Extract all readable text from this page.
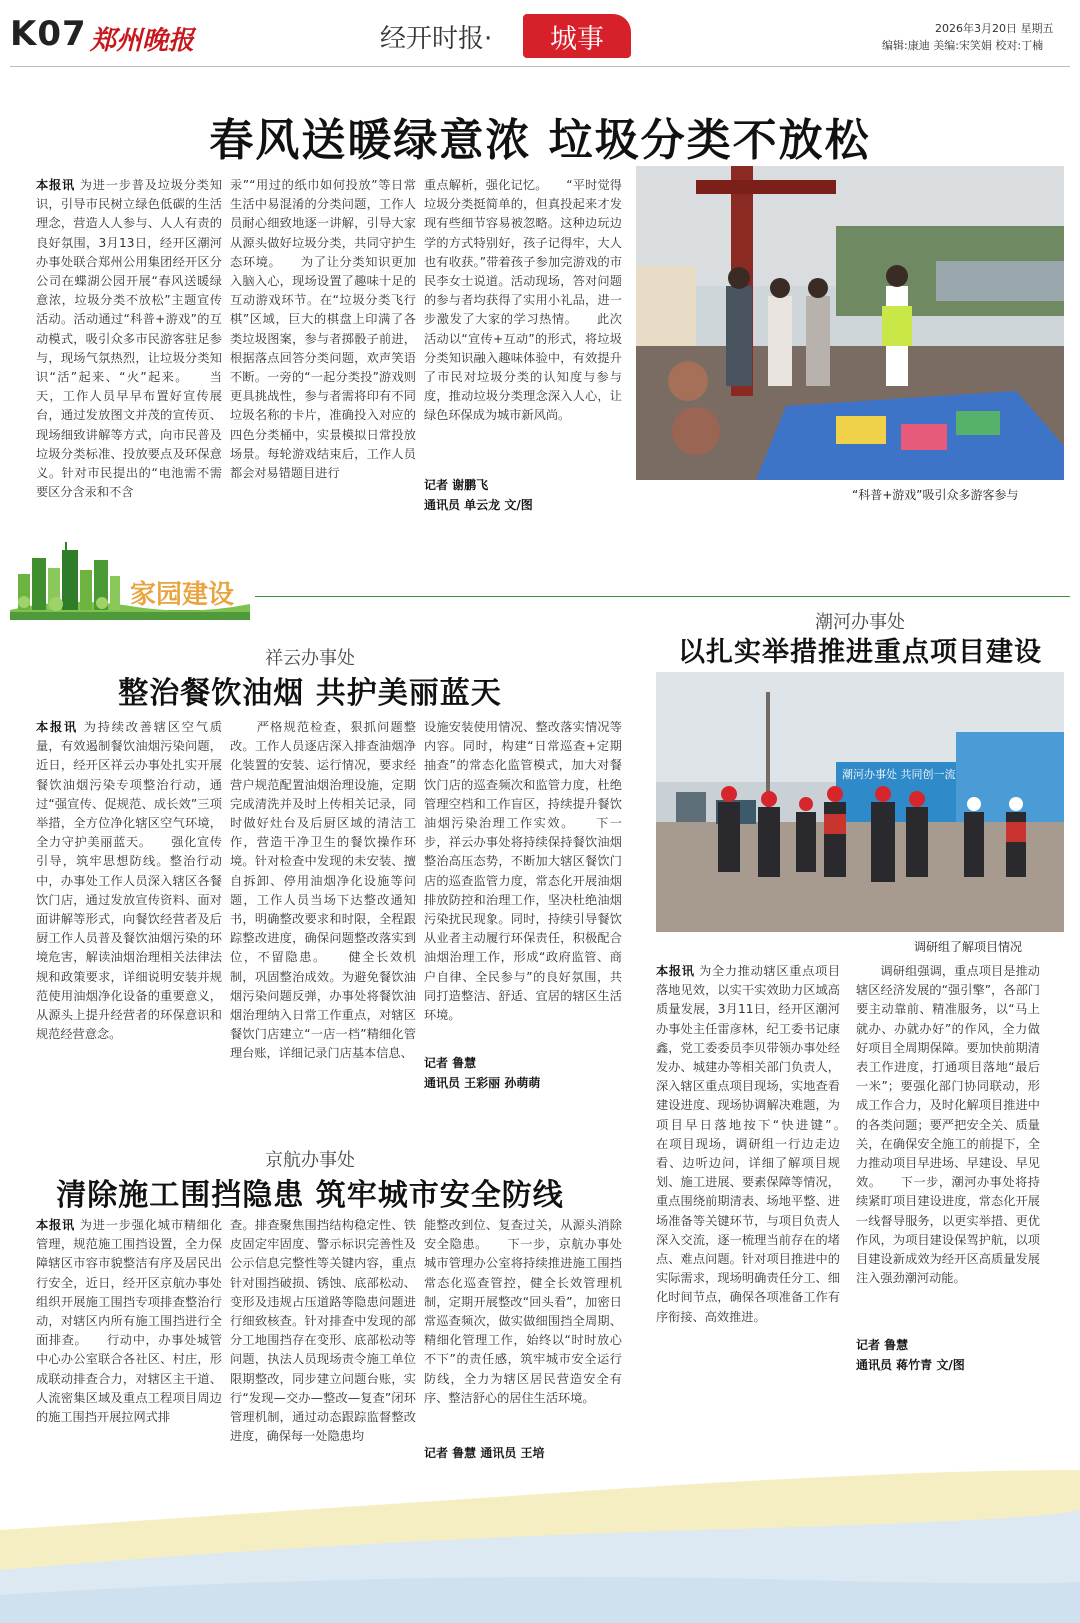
K07 郑州晚报	经开时报·	城事	2026年3月20日 星期五
编辑:康迪 美编:宋笑娟 校对:丁楠
春风送暖绿意浓 垃圾分类不放松
本报讯 为进一步普及垃圾分类知识，引导市民树立绿色低碳的生活理念，营造人人参与、人人有责的良好氛围，3月13日，经开区潮河办事处联合郑州公用集团经开区分公司在蝶湖公园开展“春风送暖绿意浓，垃圾分类不放松”主题宣传活动。活动通过“科普+游戏”的互动模式，吸引众多市民游客驻足参与，现场气氛热烈，让垃圾分类知识“活”起来、“火”起来。　　当天，工作人员早早布置好宣传展台，通过发放图文并茂的宣传页、现场细致讲解等方式，向市民普及垃圾分类标准、投放要点及环保意义。针对市民提出的“电池需不需要区分含汞和不含
汞”“用过的纸巾如何投放”等日常生活中易混淆的分类问题，工作人员耐心细致地逐一讲解，引导大家从源头做好垃圾分类，共同守护生态环境。　　为了让分类知识更加入脑入心，现场设置了趣味十足的互动游戏环节。在“垃圾分类飞行棋”区域，巨大的棋盘上印满了各类垃圾图案，参与者掷骰子前进，根据落点回答分类问题，欢声笑语不断。一旁的“一起分类投”游戏则更具挑战性，参与者需将印有不同垃圾名称的卡片，准确投入对应的四色分类桶中，实景模拟日常投放场景。每轮游戏结束后，工作人员都会对易错题目进行
重点解析，强化记忆。　　“平时觉得垃圾分类挺简单的，但真投起来才发现有些细节容易被忽略。这种边玩边学的方式特别好，孩子记得牢，大人也有收获。”带着孩子参加完游戏的市民李女士说道。活动现场，答对问题的参与者均获得了实用小礼品，进一步激发了大家的学习热情。　　此次活动以“宣传+互动”的形式，将垃圾分类知识融入趣味体验中，有效提升了市民对垃圾分类的认知度与参与度，推动垃圾分类理念深入人心，让绿色环保成为城市新风尚。
记者 谢鹏飞
通讯员 单云龙 文/图
“科普+游戏”吸引众多游客参与
家园建设
祥云办事处
整治餐饮油烟 共护美丽蓝天
本报讯 为持续改善辖区空气质量，有效遏制餐饮油烟污染问题，近日，经开区祥云办事处扎实开展餐饮油烟污染专项整治行动，通过“强宣传、促规范、成长效”三项举措，全方位净化辖区空气环境，全力守护美丽蓝天。　　强化宣传引导，筑牢思想防线。整治行动中，办事处工作人员深入辖区各餐饮门店，通过发放宣传资料、面对面讲解等形式，向餐饮经营者及后厨工作人员普及餐饮油烟污染的环境危害，解读油烟治理相关法律法规和政策要求，详细说明安装并规范使用油烟净化设备的重要意义，从源头上提升经营者的环保意识和规范经营意念。
　　严格规范检查，狠抓问题整改。工作人员逐店深入排查油烟净化装置的安装、运行情况，要求经营户规范配置油烟治理设施，定期完成清洗并及时上传相关记录，同时做好灶台及后厨区域的清洁工作，营造干净卫生的餐饮操作环境。针对检查中发现的未安装、擅自拆卸、停用油烟净化设施等问题，工作人员当场下达整改通知书，明确整改要求和时限，全程跟踪整改进度，确保问题整改落实到位，不留隐患。　　健全长效机制，巩固整治成效。为避免餐饮油烟污染问题反弹，办事处将餐饮油烟治理纳入日常工作重点，对辖区餐饮门店建立“一店一档”精细化管理台账，详细记录门店基本信息、
设施安装使用情况、整改落实情况等内容。同时，构建“日常巡查+定期抽查”的常态化监管模式，加大对餐饮门店的巡查频次和监管力度，杜绝管理空档和工作盲区，持续提升餐饮油烟污染治理工作实效。　　下一步，祥云办事处将持续保持餐饮油烟整治高压态势，不断加大辖区餐饮门店的巡查监管力度，常态化开展油烟排放防控和治理工作，坚决杜绝油烟污染扰民现象。同时，持续引导餐饮从业者主动履行环保责任，积极配合油烟治理工作，形成“政府监管、商户自律、全民参与”的良好氛围，共同打造整洁、舒适、宜居的辖区生活环境。
记者 鲁慧
通讯员 王彩丽 孙萌萌
潮河办事处
以扎实举措推进重点项目建设
潮河办事处 共同创一流
调研组了解项目情况
本报讯 为全力推动辖区重点项目落地见效，以实干实效助力区域高质量发展，3月11日，经开区潮河办事处主任雷彦林，纪工委书记康鑫，党工委委员李贝带领办事处经发办、城建办等相关部门负责人，深入辖区重点项目现场，实地查看建设进度、现场协调解决难题，为项目早日落地按下“快进键”。　　在项目现场，调研组一行边走边看、边听边问，详细了解项目规划、施工进展、要素保障等情况，重点围绕前期清表、场地平整、进场准备等关键环节，与项目负责人深入交流，逐一梳理当前存在的堵点、难点问题。针对项目推进中的实际需求，现场明确责任分工、细化时间节点，确保各项准备工作有序衔接、高效推进。
　　调研组强调，重点项目是推动辖区经济发展的“强引擎”，各部门要主动靠前、精准服务，以“马上就办、办就办好”的作风，全力做好项目全周期保障。要加快前期清表工作进度，打通项目落地“最后一米”；要强化部门协同联动，形成工作合力，及时化解项目推进中的各类问题；要严把安全关、质量关，在确保安全施工的前提下，全力推动项目早进场、早建设、早见效。　　下一步，潮河办事处将持续紧盯项目建设进度，常态化开展一线督导服务，以更实举措、更优作风，为项目建设保驾护航，以项目建设新成效为经开区高质量发展注入强劲潮河动能。
记者 鲁慧
通讯员 蒋竹青 文/图
京航办事处
清除施工围挡隐患 筑牢城市安全防线
本报讯 为进一步强化城市精细化管理，规范施工围挡设置，全力保障辖区市容市貌整洁有序及居民出行安全，近日，经开区京航办事处组织开展施工围挡专项排查整治行动，对辖区内所有施工围挡进行全面排查。　　行动中，办事处城管中心办公室联合各社区、村庄，形成联动排查合力，对辖区主干道、人流密集区域及重点工程项目周边的施工围挡开展拉网式排
查。排查聚焦围挡结构稳定性、铁皮固定牢固度、警示标识完善性及公示信息完整性等关键内容，重点针对围挡破损、锈蚀、底部松动、变形及违规占压道路等隐患问题进行细致核查。针对排查中发现的部分工地围挡存在变形、底部松动等问题，执法人员现场责令施工单位限期整改，同步建立问题台账，实行“发现—交办—整改—复查”闭环管理机制，通过动态跟踪监督整改进度，确保每一处隐患均
能整改到位、复查过关，从源头消除安全隐患。　　下一步，京航办事处城市管理办公室将持续推进施工围挡常态化巡查管控，健全长效管理机制，定期开展整改“回头看”，加密日常巡查频次，做实做细围挡全周期、精细化管理工作，始终以“时时放心不下”的责任感，筑牢城市安全运行防线，全力为辖区居民营造安全有序、整洁舒心的居住生活环境。
记者 鲁慧 通讯员 王培
